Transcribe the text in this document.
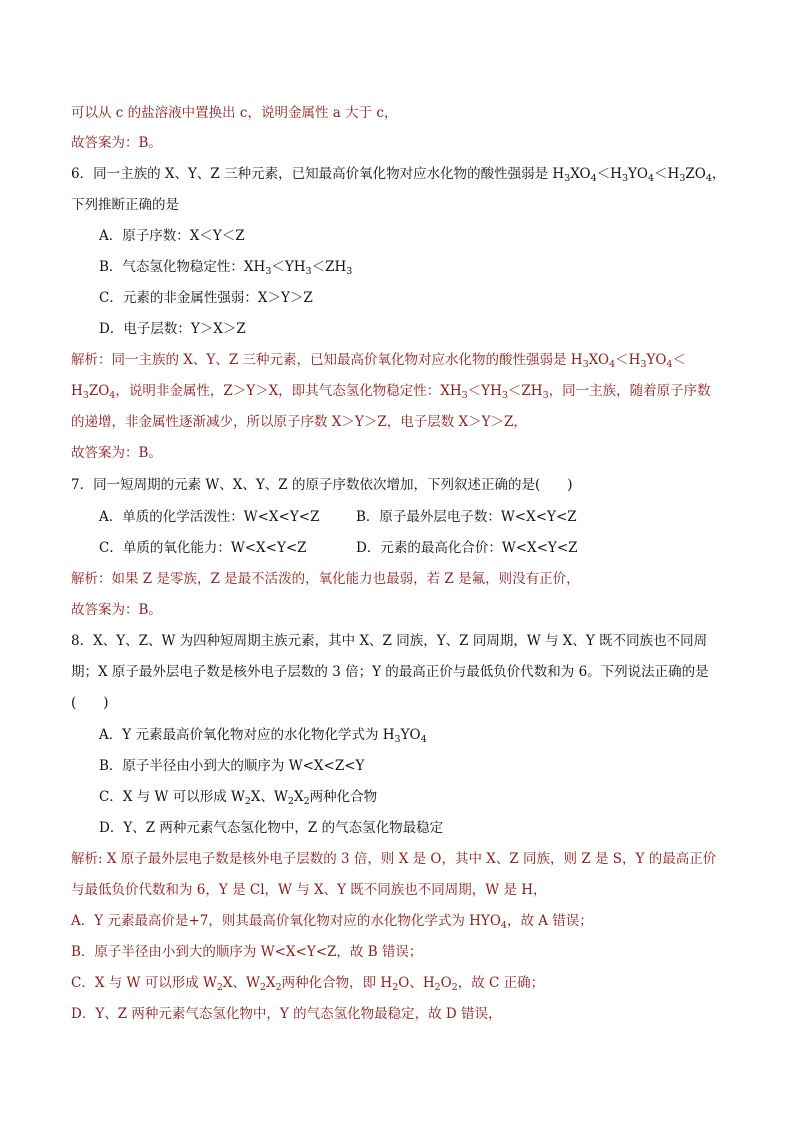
可以从 c 的盐溶液中置换出 c，说明金属性 a 大于 c，
故答案为：B。
6．同一主族的 X、Y、Z 三种元素，已知最高价氧化物对应水化物的酸性强弱是 $H_3XO_4<H_3YO_4<H_3ZO_4$，
下列推断正确的是
A．原子序数：X＜Y＜Z
B．气态氢化物稳定性：$XH_3<YH_3<ZH_3$
C．元素的非金属性强弱：X＞Y＞Z
D．电子层数：Y＞X＞Z
解析：同一主族的 X、Y、Z 三种元素，已知最高价氧化物对应水化物的酸性强弱是 $H_3XO_4<H_3YO_4<$
$H_3ZO_4$，说明非金属性，Z＞Y＞X，即其气态氢化物稳定性：$XH_3<YH_3<ZH_3$，同一主族，随着原子序数
的递增，非金属性逐渐减少，所以原子序数 X＞Y＞Z，电子层数 X＞Y＞Z，
故答案为：B。
7．同一短周期的元素 W、X、Y、Z 的原子序数依次增加，下列叙述正确的是(　　)
A．单质的化学活泼性：W<X<Y<Z	B．原子最外层电子数：W<X<Y<Z
C．单质的氧化能力：W<X<Y<Z	D．元素的最高化合价：W<X<Y<Z
解析：如果 Z 是零族，Z 是最不活泼的，氧化能力也最弱，若 Z 是氟，则没有正价，
故答案为：B。
8．X、Y、Z、W 为四种短周期主族元素，其中 X、Z 同族，Y、Z 同周期，W 与 X、Y 既不同族也不同周
期；X 原子最外层电子数是核外电子层数的 3 倍；Y 的最高正价与最低负价代数和为 6。下列说法正确的是
(　　)
A．Y 元素最高价氧化物对应的水化物化学式为 $H_3YO_4$
B．原子半径由小到大的顺序为 W<X<Z<Y
C．X 与 W 可以形成 $W_2X$、$W_2X_2$两种化合物
D．Y、Z 两种元素气态氢化物中，Z 的气态氢化物最稳定
解析: X 原子最外层电子数是核外电子层数的 3 倍，则 X 是 O，其中 X、Z 同族，则 Z 是 S，Y 的最高正价
与最低负价代数和为 6，Y 是 Cl，W 与 X、Y 既不同族也不同周期，W 是 H，
A．Y 元素最高价是+7，则其最高价氧化物对应的水化物化学式为 $HYO_4$，故 A 错误；
B．原子半径由小到大的顺序为 W<X<Y<Z，故 B 错误；
C．X 与 W 可以形成 $W_2X$、$W_2X_2$两种化合物，即 $H_2O$、$H_2O_2$，故 C 正确；
D．Y、Z 两种元素气态氢化物中，Y 的气态氢化物最稳定，故 D 错误，
